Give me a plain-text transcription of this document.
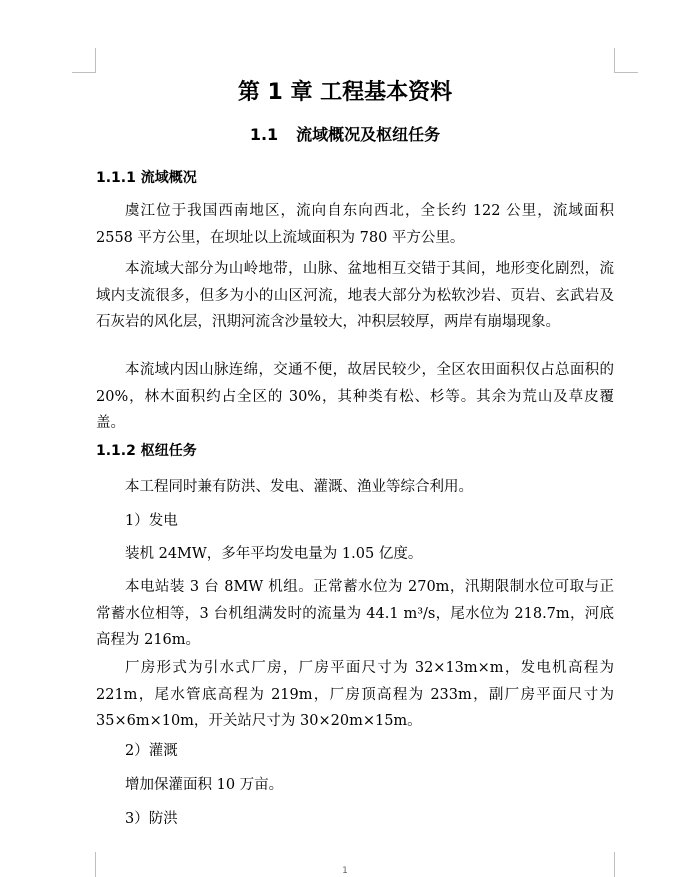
第 1 章 工程基本资料
1.1 流域概况及枢纽任务
1.1.1 流域概况

虞江位于我国西南地区，流向自东向西北，全长约 122 公里，流域面积 2558 平方公里，在坝址以上流域面积为 780 平方公里。

本流域大部分为山岭地带，山脉、盆地相互交错于其间，地形变化剧烈，流域内支流很多，但多为小的山区河流，地表大部分为松软沙岩、页岩、玄武岩及石灰岩的风化层，汛期河流含沙量较大，冲积层较厚，两岸有崩塌现象。

本流域内因山脉连绵，交通不便，故居民较少，全区农田面积仅占总面积的 20%，林木面积约占全区的 30%，其种类有松、杉等。其余为荒山及草皮覆盖。

1.1.2 枢纽任务

本工程同时兼有防洪、发电、灌溉、渔业等综合利用。

1）发电

装机 24MW，多年平均发电量为 1.05 亿度。

本电站装 3 台 8MW 机组。正常蓄水位为 270m，汛期限制水位可取与正常蓄水位相等，3 台机组满发时的流量为 44.1 m³/s，尾水位为 218.7m，河底高程为 216m。

厂房形式为引水式厂房，厂房平面尺寸为 32×13m×m，发电机高程为 221m，尾水管底高程为 219m，厂房顶高程为 233m，副厂房平面尺寸为 35×6m×10m，开关站尺寸为 30×20m×15m。

2）灌溉

增加保灌面积 10 万亩。

3）防洪

1
